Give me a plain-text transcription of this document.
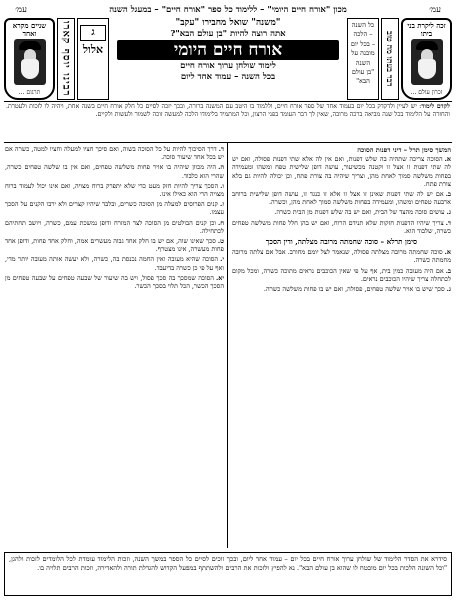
עמ׳
מכון "אורח חיים היומי" – ללימוד כל ספר "אורח חיים" – במעגל השנה
עמ׳
זכה ליקרת בני ביתו
זכרון עולם ...
דבר בעתו מה טוב
כל השנה
– הלכה
– בכל יום
מובנה על
השנה
"בן עולם
הבא"
"משנה" שואל מחבירו "עקב"
אתה רוצה להיות "בן עולם הבא"?
אורח חיים היומי
לימוד שולחן ערוך אורח חיים
בכל השנה – עמוד אחד ליום
ג
אלול
רבינו יוסף קארו
שניים מקרא ואחד
תרגום ...
לקדם לימוד: יש לעיין ולדקדק בכל יום בעמוד אחד של ספר אורח חיים, וללמוד בו היטב עם המשנה ברורה, ובכך יזכה לסיים כל חלק אורח חיים בשנה אחת, ויהיה לו לזכות ולעטרת. והחזרה על הלימוד בכל שנה מביאה ברכה מרובה, שאין לך דבר העומד בפני הרצון, וכל המתמיד בלימודו הלכה למעשה זוכה לשמור ולעשות ולקיים.
המשך סימן תרל – דיני דפנות הסוכה
א.הסוכה צריכה שתהיה בה שלש דפנות, ואם אין לה אלא שתי דפנות פסולה, ואם יש לה שתי דפנות זו אצל זו וקטנה מכשיעור, עושה דופן שלישית טפח ומשהו ומעמידה בפחות משלשה סמוך לאחת מהן, וצריך שיהיה בה צורת פתח, וכן יכולה להיות גם בלא צורת פתח.
ב.אם יש לה שתי דפנות שאינן זו אצל זו אלא זו כנגד זו, עושה דופן שלישית ברוחב ארבעה טפחים ומשהו, ומעמידה בפחות משלשה סמוך לאחת מהן, וכשרה.
ג.עושים סוכה מהצד של הבית, ואם יש בה שלש דפנות מן הבית כשרה.
ד.צריך שיהיו הדפנות חזקות שלא תנידם הרוח, ואם יש בהן חלל פחות משלשה טפחים כשרה, שלבוד הוא.
סימן תרלא – סוכה שחמתה מרובה מצלתה, ודין הסכך
א.סוכה שחמתה מרובה מצלתה פסולה, שנאמר לצל יומם מחורב. אבל אם צלתה מרובה מחמתה כשרה.
ב.אם היה מעובה כמין בית, אף על פי שאין הכוכבים נראים מתוכה כשרה, ומכל מקום לכתחלה צריך שיהיו הכוכבים נראים.
ג.סכך שיש בו אויר שלשה טפחים, פסולה, ואם יש בו פחות משלשה כשרה.
ד.דרך הסיכוך להיות על כל הסוכה בשוה, ואם סיכך חציו למעלה וחציו למטה, כשרה אם יש בכל אחד שיעור סוכה.
ה.היה מכוון שיהיה בו אויר פחות משלשה טפחים, ואם אין בו שלשה טפחים כשרה, שהרי הוא כלבוד.
ו.הסכך צריך להיות חזק מעט כדי שלא יתפרק ברוח מצויה, ואם אינו יכול לעמוד ברוח מצויה הרי הוא כאילו אינו.
ז.קנים הפרוסים למעלה מן הסוכה כשרים, ובלבד שיהיו קצרים ולא ירבו הקנים על הסכך עצמו.
ח.וכן קנים הבולטים מן הסוכה לצד המזרח ודופן נמשכת עמם, כשרה, ויושב תחתיהם לכתחילה.
ט.סכך שאינו שוה, אם יש בו חלק אחד גבוה מעשרים אמה, וחלק אחד פחות, ודופן אחד פחות מעשרה, אינו מצטרף.
י.הסוכה שהיא מעובה ואין החמה נכנסת בה, כשרה, ולא יעשה אותה מעובה יותר מדי, ואף על פי כן כשרה בדיעבד.
יא.הסוכה שמסכך בה סכך פסול, ויש בה שיעור של שבעה טפחים על שבעה טפחים מן הסכך הכשר, הכל תלוי בסכך הכשר.
סידרא את הסדר הלימוד של שולחן ערוך אורח חיים בכל יום – עמוד אחד ליום, ובכך זוכים לסיים כל הספר במשך השנה, וזכות הלימוד עומדת לכל הלומדים לזכות ולהגן, "וכל השונה הלכות בכל יום מובטח לו שהוא בן עולם הבא". נא להפיץ ולזכות את הרבים ולהשתתף במפעל הקדוש להגדלת תורה ולהאדירה, וזכות הרבים תלויה בו.
